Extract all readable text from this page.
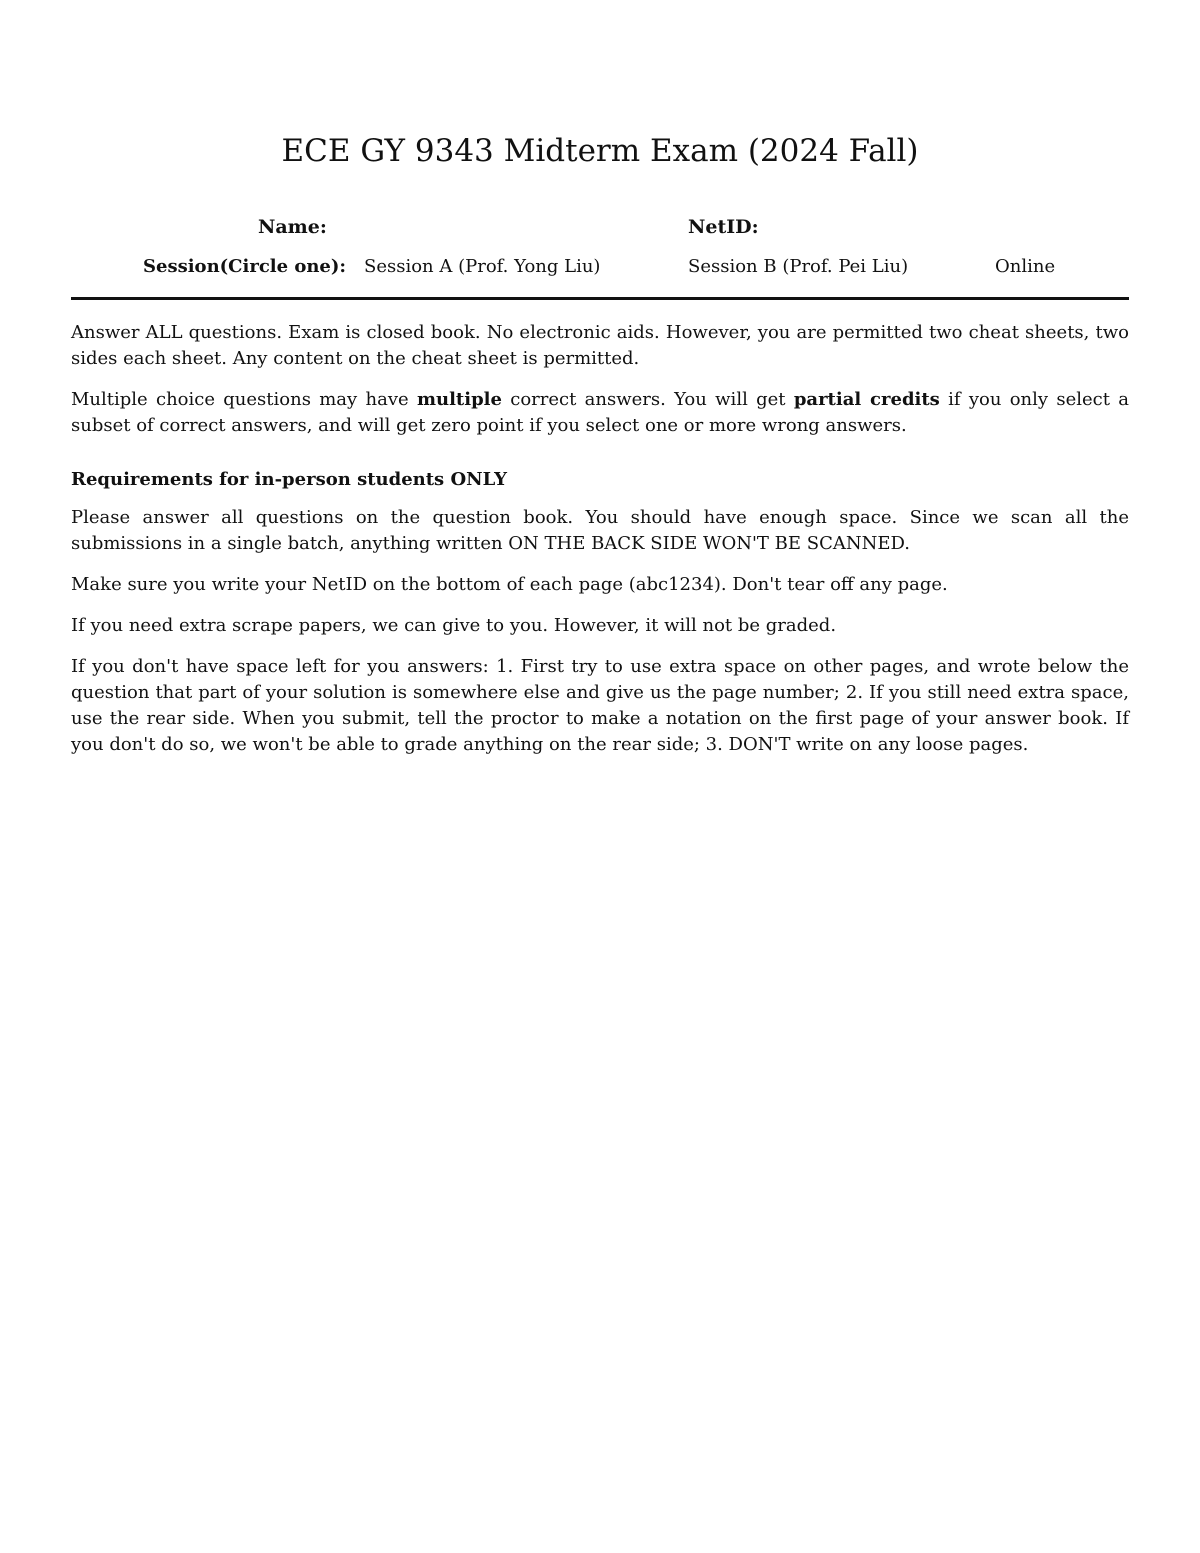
ECE GY 9343 Midterm Exam (2024 Fall)
Name:	NetID:
Session(Circle one): Session A (Prof. Yong Liu)	Session B (Prof. Pei Liu)	Online

Answer ALL questions. Exam is closed book. No electronic aids. However, you are permitted two cheat sheets, two sides each sheet. Any content on the cheat sheet is permitted.

Multiple choice questions may have multiple correct answers. You will get partial credits if you only select a subset of correct answers, and will get zero point if you select one or more wrong answers.

Requirements for in-person students ONLY

Please answer all questions on the question book. You should have enough space. Since we scan all the submissions in a single batch, anything written ON THE BACK SIDE WON'T BE SCANNED.

Make sure you write your NetID on the bottom of each page (abc1234). Don't tear off any page.

If you need extra scrape papers, we can give to you. However, it will not be graded.

If you don't have space left for you answers: 1. First try to use extra space on other pages, and wrote below the question that part of your solution is somewhere else and give us the page number; 2. If you still need extra space, use the rear side. When you submit, tell the proctor to make a notation on the first page of your answer book. If you don't do so, we won't be able to grade anything on the rear side; 3. DON'T write on any loose pages.
